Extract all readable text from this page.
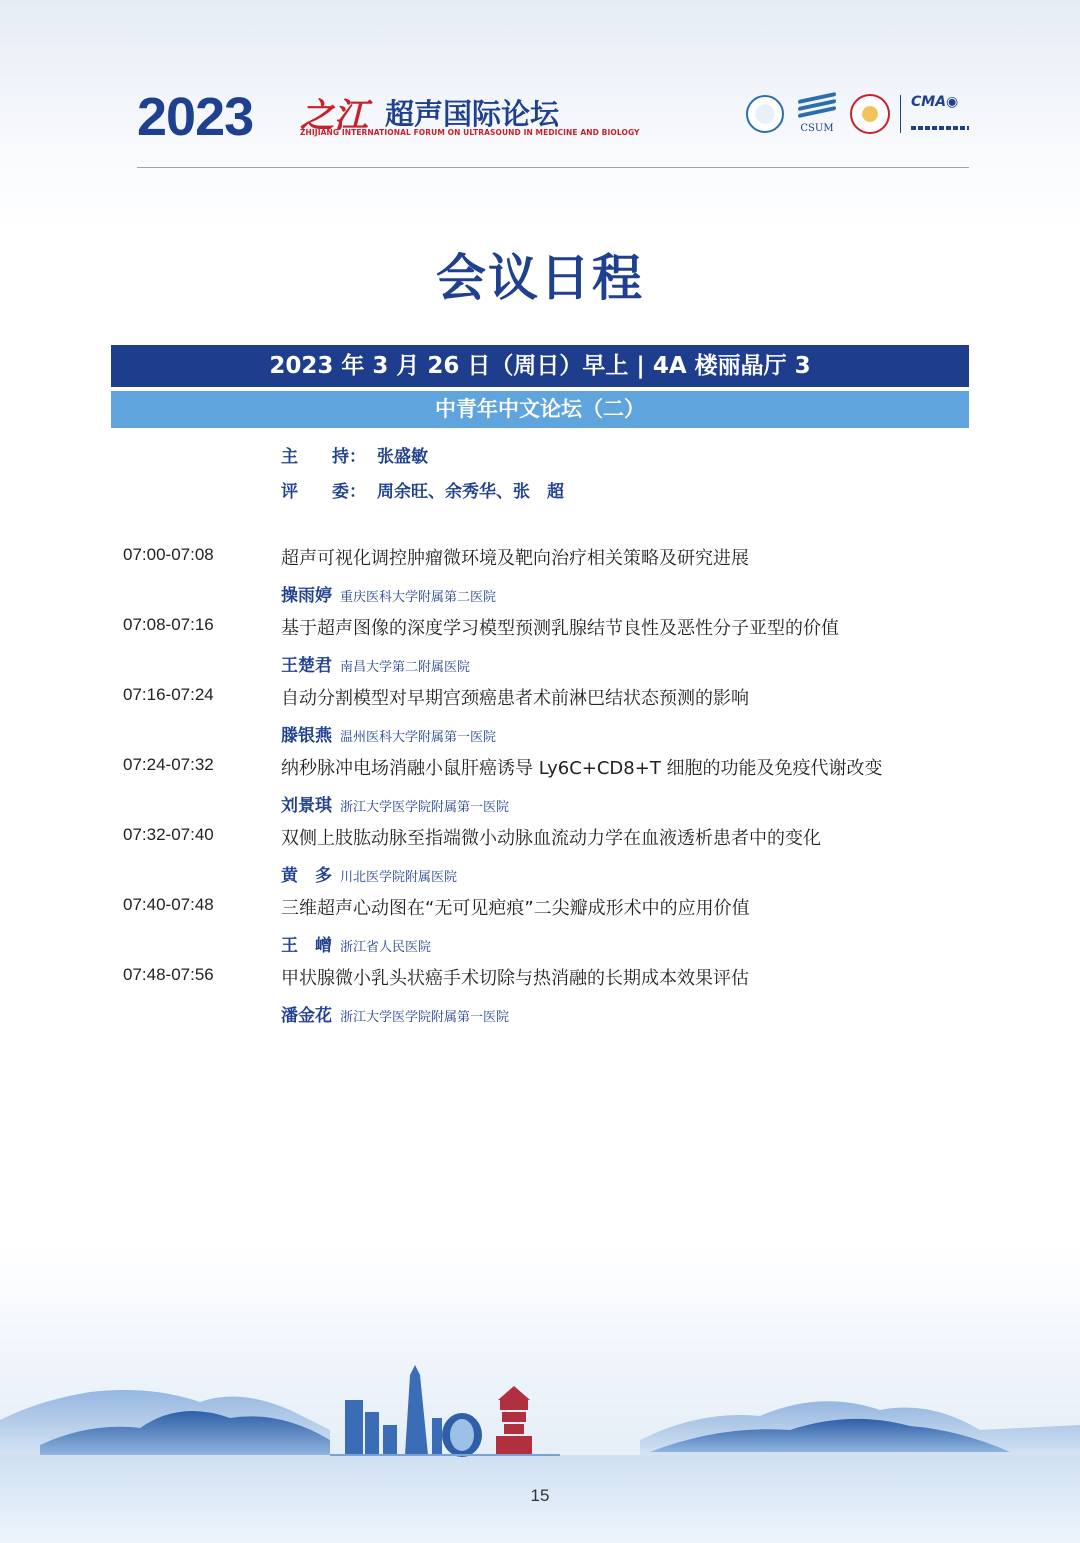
2023 之江 超声国际论坛
ZHIJIANG INTERNATIONAL FORUM ON ULTRASOUND IN MEDICINE AND BIOLOGY	CSUM
CMA◉
会议日程
2023 年 3 月 26 日（周日）早上 | 4A 楼丽晶厅 3
中青年中文论坛（二）
主　　持： 张盛敏
评　　委： 周余旺、余秀华、张　超
07:00-07:08	超声可视化调控肿瘤微环境及靶向治疗相关策略及研究进展
操雨婷 重庆医科大学附属第二医院
07:08-07:16	基于超声图像的深度学习模型预测乳腺结节良性及恶性分子亚型的价值
王楚君 南昌大学第二附属医院
07:16-07:24	自动分割模型对早期宫颈癌患者术前淋巴结状态预测的影响
滕银燕 温州医科大学附属第一医院
07:24-07:32	纳秒脉冲电场消融小鼠肝癌诱导 Ly6C+CD8+T 细胞的功能及免疫代谢改变
刘景琪 浙江大学医学院附属第一医院
07:32-07:40	双侧上肢肱动脉至指端微小动脉血流动力学在血液透析患者中的变化
黄　多 川北医学院附属医院
07:40-07:48	三维超声心动图在“无可见疤痕”二尖瓣成形术中的应用价值
王　嶒 浙江省人民医院
07:48-07:56	甲状腺微小乳头状癌手术切除与热消融的长期成本效果评估
潘金花 浙江大学医学院附属第一医院
15
